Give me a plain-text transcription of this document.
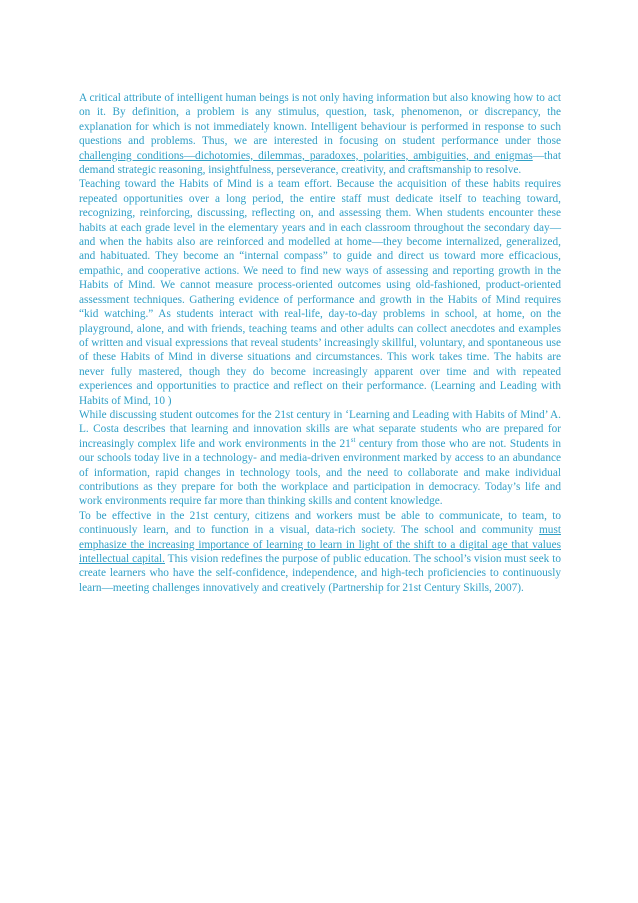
A critical attribute of intelligent human beings is not only having information but also knowing how to act on it. By definition, a problem is any stimulus, question, task, phenomenon, or discrepancy, the explanation for which is not immediately known. Intelligent behaviour is performed in response to such questions and problems. Thus, we are interested in focusing on student performance under those challenging conditions—dichotomies, dilemmas, paradoxes, polarities, ambiguities, and enigmas—that demand strategic reasoning, insightfulness, perseverance, creativity, and craftsmanship to resolve.

Teaching toward the Habits of Mind is a team effort. Because the acquisition of these habits requires repeated opportunities over a long period, the entire staff must dedicate itself to teaching toward, recognizing, reinforcing, discussing, reflecting on, and assessing them. When students encounter these habits at each grade level in the elementary years and in each classroom throughout the secondary day—and when the habits also are reinforced and modelled at home—they become internalized, generalized, and habituated. They become an “internal compass” to guide and direct us toward more efficacious, empathic, and cooperative actions. We need to find new ways of assessing and reporting growth in the Habits of Mind. We cannot measure process-oriented outcomes using old-fashioned, product-oriented assessment techniques. Gathering evidence of performance and growth in the Habits of Mind requires “kid watching.” As students interact with real-life, day-to-day problems in school, at home, on the playground, alone, and with friends, teaching teams and other adults can collect anecdotes and examples of written and visual expressions that reveal students’ increasingly skillful, voluntary, and spontaneous use of these Habits of Mind in diverse situations and circumstances. This work takes time. The habits are never fully mastered, though they do become increasingly apparent over time and with repeated experiences and opportunities to practice and reflect on their performance. (Learning and Leading with Habits of Mind, 10 )

While discussing student outcomes for the 21st century in ‘Learning and Leading with Habits of Mind’ A. L. Costa describes that learning and innovation skills are what separate students who are prepared for increasingly complex life and work environments in the 21st century from those who are not. Students in our schools today live in a technology- and media-driven environment marked by access to an abundance of information, rapid changes in technology tools, and the need to collaborate and make individual contributions as they prepare for both the workplace and participation in democracy. Today’s life and work environments require far more than thinking skills and content knowledge.

To be effective in the 21st century, citizens and workers must be able to communicate, to team, to continuously learn, and to function in a visual, data-rich society. The school and community must emphasize the increasing importance of learning to learn in light of the shift to a digital age that values intellectual capital. This vision redefines the purpose of public education. The school’s vision must seek to create learners who have the self-confidence, independence, and high-tech proficiencies to continuously learn—meeting challenges innovatively and creatively (Partnership for 21st Century Skills, 2007).
